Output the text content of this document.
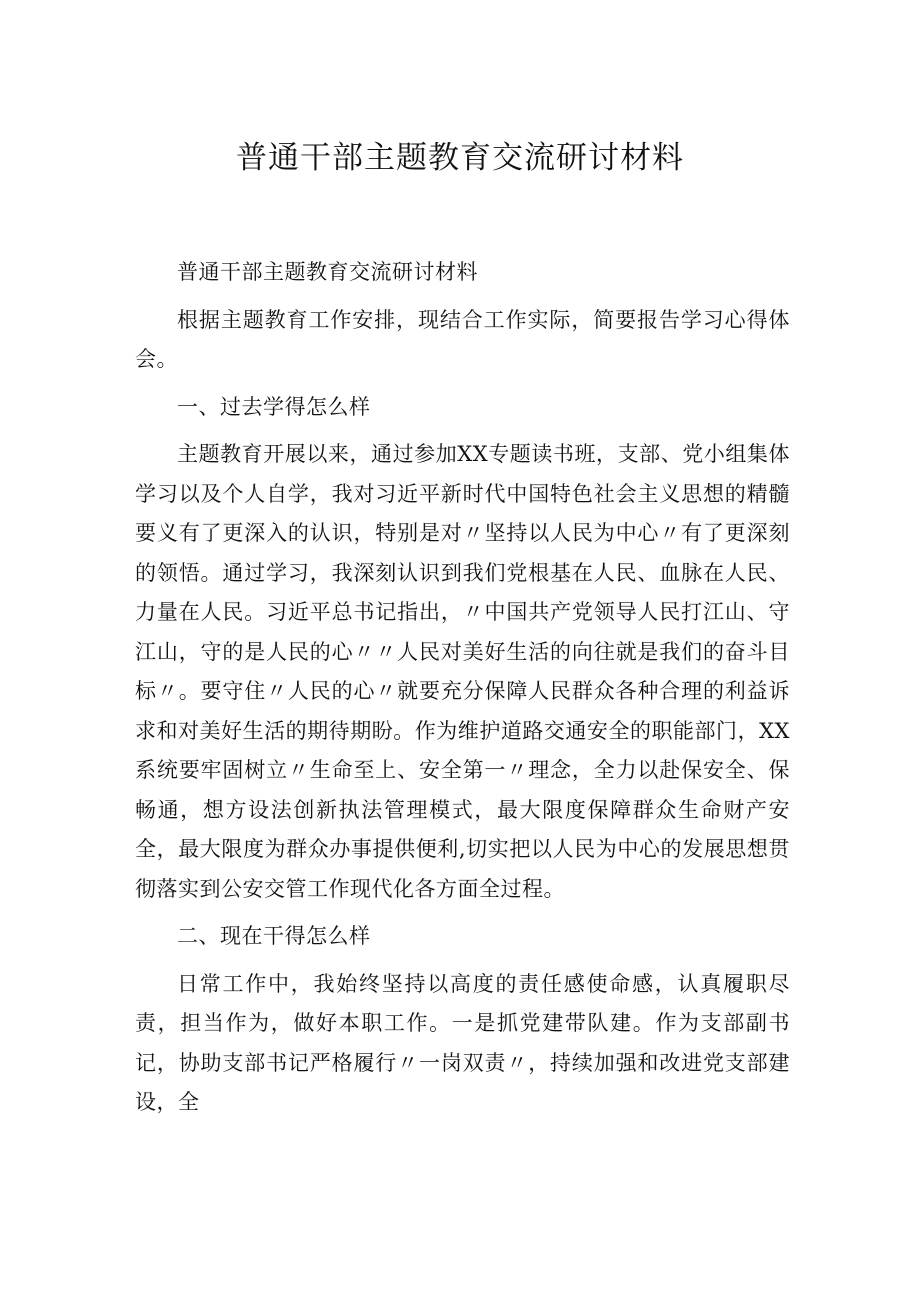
普通干部主题教育交流研讨材料

普通干部主题教育交流研讨材料

根据主题教育工作安排，现结合工作实际，简要报告学习心得体会。

一、过去学得怎么样

主题教育开展以来，通过参加XX专题读书班，支部、党小组集体学习以及个人自学，我对习近平新时代中国特色社会主义思想的精髓要义有了更深入的认识，特别是对〃坚持以人民为中心〃有了更深刻的领悟。通过学习，我深刻认识到我们党根基在人民、血脉在人民、力量在人民。习近平总书记指出，〃中国共产党领导人民打江山、守江山，守的是人民的心〃〃人民对美好生活的向往就是我们的奋斗目标〃。要守住〃人民的心〃就要充分保障人民群众各种合理的利益诉求和对美好生活的期待期盼。作为维护道路交通安全的职能部门，XX系统要牢固树立〃生命至上、安全第一〃理念，全力以赴保安全、保畅通，想方设法创新执法管理模式，最大限度保障群众生命财产安全，最大限度为群众办事提供便利,切实把以人民为中心的发展思想贯彻落实到公安交管工作现代化各方面全过程。

二、现在干得怎么样

日常工作中，我始终坚持以高度的责任感使命感，认真履职尽责，担当作为，做好本职工作。一是抓党建带队建。作为支部副书记，协助支部书记严格履行〃一岗双责〃，持续加强和改进党支部建设，全
